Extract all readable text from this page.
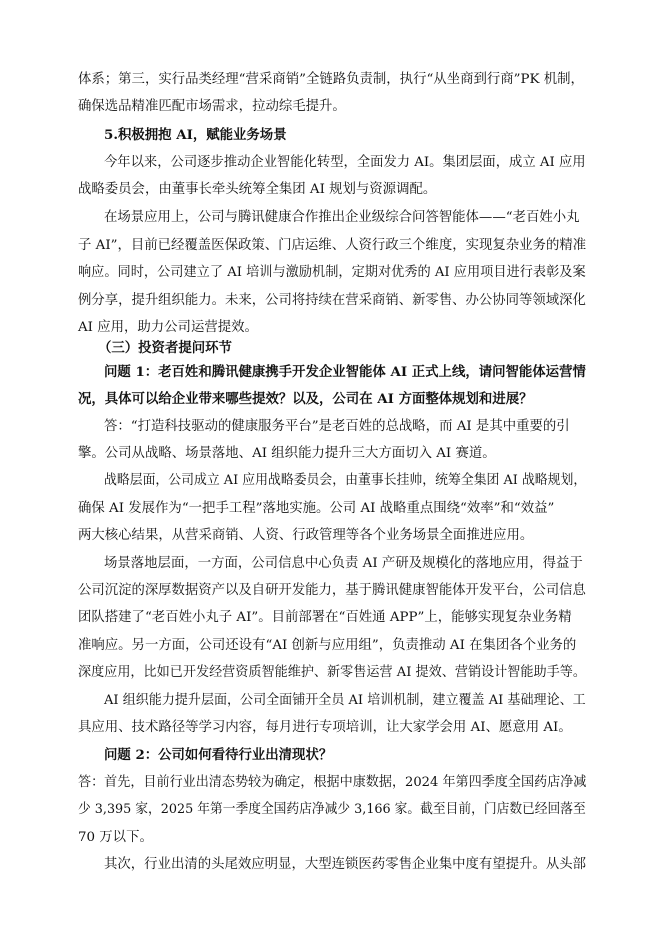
体系；第三，实行品类经理“营采商销”全链路负责制，执行“从坐商到行商”PK 机制，
确保选品精准匹配市场需求，拉动综毛提升。
5.积极拥抱 AI，赋能业务场景
今年以来，公司逐步推动企业智能化转型，全面发力 AI。集团层面，成立 AI 应用
战略委员会，由董事长牵头统筹全集团 AI 规划与资源调配。
在场景应用上，公司与腾讯健康合作推出企业级综合问答智能体——“老百姓小丸
子 AI”，目前已经覆盖医保政策、门店运维、人资行政三个维度，实现复杂业务的精准
响应。同时，公司建立了 AI 培训与激励机制，定期对优秀的 AI 应用项目进行表彰及案
例分享，提升组织能力。未来，公司将持续在营采商销、新零售、办公协同等领域深化
AI 应用，助力公司运营提效。
（三）投资者提问环节
问题 1：老百姓和腾讯健康携手开发企业智能体 AI 正式上线，请问智能体运营情
况，具体可以给企业带来哪些提效？以及，公司在 AI 方面整体规划和进展？
答：“打造科技驱动的健康服务平台”是老百姓的总战略，而 AI 是其中重要的引
擎。公司从战略、场景落地、AI 组织能力提升三大方面切入 AI 赛道。
战略层面，公司成立 AI 应用战略委员会，由董事长挂帅，统筹全集团 AI 战略规划，
确保 AI 发展作为“一把手工程”落地实施。公司 AI 战略重点围绕“效率”和“效益”
两大核心结果，从营采商销、人资、行政管理等各个业务场景全面推进应用。
场景落地层面，一方面，公司信息中心负责 AI 产研及规模化的落地应用，得益于
公司沉淀的深厚数据资产以及自研开发能力，基于腾讯健康智能体开发平台，公司信息
团队搭建了“老百姓小丸子 AI”。目前部署在“百姓通 APP”上，能够实现复杂业务精
准响应。另一方面，公司还设有“AI 创新与应用组”，负责推动 AI 在集团各个业务的
深度应用，比如已开发经营资质智能维护、新零售运营 AI 提效、营销设计智能助手等。
AI 组织能力提升层面，公司全面铺开全员 AI 培训机制，建立覆盖 AI 基础理论、工
具应用、技术路径等学习内容，每月进行专项培训，让大家学会用 AI、愿意用 AI。
问题 2：公司如何看待行业出清现状？
答：首先，目前行业出清态势较为确定，根据中康数据，2024 年第四季度全国药店净减
少 3,395 家，2025 年第一季度全国药店净减少 3,166 家。截至目前，门店数已经回落至
70 万以下。
其次，行业出清的头尾效应明显，大型连锁医药零售企业集中度有望提升。从头部
